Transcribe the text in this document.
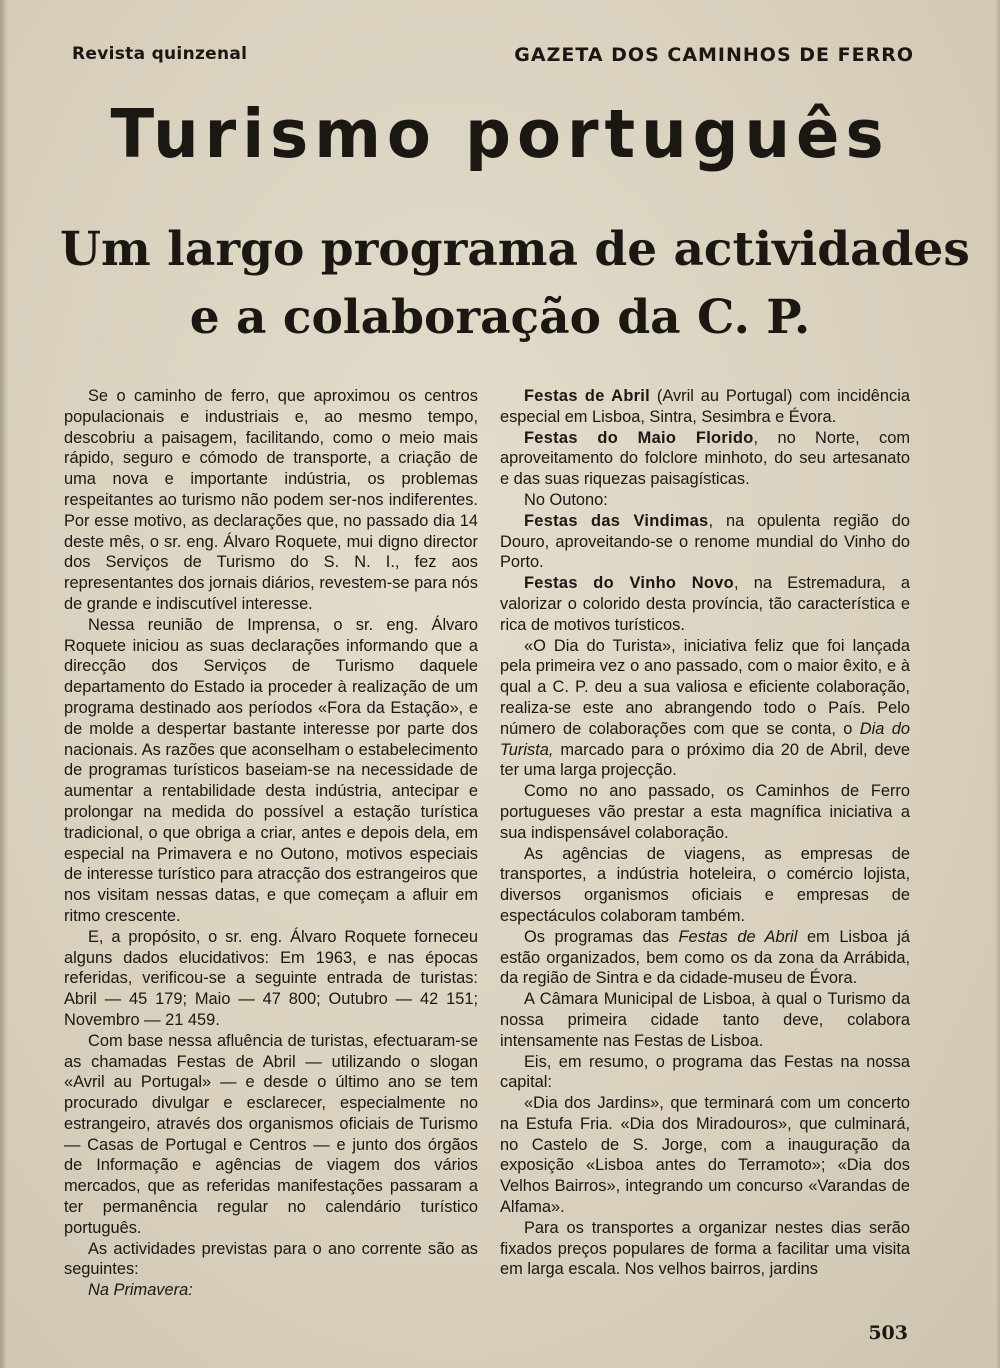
Revista quinzenal	GAZETA DOS CAMINHOS DE FERRO
Turismo português
Um largo programa de actividades
e a colaboração da C. P.

Se o caminho de ferro, que aproximou os centros populacionais e industriais e, ao mesmo tempo, descobriu a paisagem, facilitando, como o meio mais rápido, seguro e cómodo de transporte, a criação de uma nova e importante indústria, os problemas respeitantes ao turismo não podem ser-nos indiferentes. Por esse motivo, as declarações que, no passado dia 14 deste mês, o sr. eng. Álvaro Roquete, mui digno director dos Serviços de Turismo do S. N. I., fez aos representantes dos jornais diários, revestem-se para nós de grande e indiscutível interesse.

Nessa reunião de Imprensa, o sr. eng. Álvaro Roquete iniciou as suas declarações informando que a direcção dos Serviços de Turismo daquele departamento do Estado ia proceder à realização de um programa destinado aos períodos «Fora da Estação», e de molde a despertar bastante interesse por parte dos nacionais. As razões que aconselham o estabelecimento de programas turísticos baseiam-se na necessidade de aumentar a rentabilidade desta indústria, antecipar e prolongar na medida do possível a estação turística tradicional, o que obriga a criar, antes e depois dela, em especial na Primavera e no Outono, motivos especiais de interesse turístico para atracção dos estrangeiros que nos visitam nessas datas, e que começam a afluir em ritmo crescente.

E, a propósito, o sr. eng. Álvaro Roquete forneceu alguns dados elucidativos: Em 1963, e nas épocas referidas, verificou-se a seguinte entrada de turistas: Abril — 45 179; Maio — 47 800; Outubro — 42 151; Novembro — 21 459.

Com base nessa afluência de turistas, efectuaram-se as chamadas Festas de Abril — utilizando o slogan «Avril au Portugal» — e desde o último ano se tem procurado divulgar e esclarecer, especialmente no estrangeiro, através dos organismos oficiais de Turismo — Casas de Portugal e Centros — e junto dos órgãos de Informação e agências de viagem dos vários mercados, que as referidas manifestações passaram a ter permanência regular no calendário turístico português.

As actividades previstas para o ano corrente são as seguintes:

Na Primavera:

Festas de Abril (Avril au Portugal) com incidência especial em Lisboa, Sintra, Sesimbra e Évora.

Festas do Maio Florido, no Norte, com aproveitamento do folclore minhoto, do seu artesanato e das suas riquezas paisagísticas.

No Outono:

Festas das Vindimas, na opulenta região do Douro, aproveitando-se o renome mundial do Vinho do Porto.

Festas do Vinho Novo, na Estremadura, a valorizar o colorido desta província, tão característica e rica de motivos turísticos.

«O Dia do Turista», iniciativa feliz que foi lançada pela primeira vez o ano passado, com o maior êxito, e à qual a C. P. deu a sua valiosa e eficiente colaboração, realiza-se este ano abrangendo todo o País. Pelo número de colaborações com que se conta, o Dia do Turista, marcado para o próximo dia 20 de Abril, deve ter uma larga projecção.

Como no ano passado, os Caminhos de Ferro portugueses vão prestar a esta magnífica iniciativa a sua indispensável colaboração.

As agências de viagens, as empresas de transportes, a indústria hoteleira, o comércio lojista, diversos organismos oficiais e empresas de espectáculos colaboram também.

Os programas das Festas de Abril em Lisboa já estão organizados, bem como os da zona da Arrábida, da região de Sintra e da cidade-museu de Évora.

A Câmara Municipal de Lisboa, à qual o Turismo da nossa primeira cidade tanto deve, colabora intensamente nas Festas de Lisboa.

Eis, em resumo, o programa das Festas na nossa capital:

«Dia dos Jardins», que terminará com um concerto na Estufa Fria. «Dia dos Miradouros», que culminará, no Castelo de S. Jorge, com a inauguração da exposição «Lisboa antes do Terramoto»; «Dia dos Velhos Bairros», integrando um concurso «Varandas de Alfama».

Para os transportes a organizar nestes dias serão fixados preços populares de forma a facilitar uma visita em larga escala. Nos velhos bairros, jardins

503
